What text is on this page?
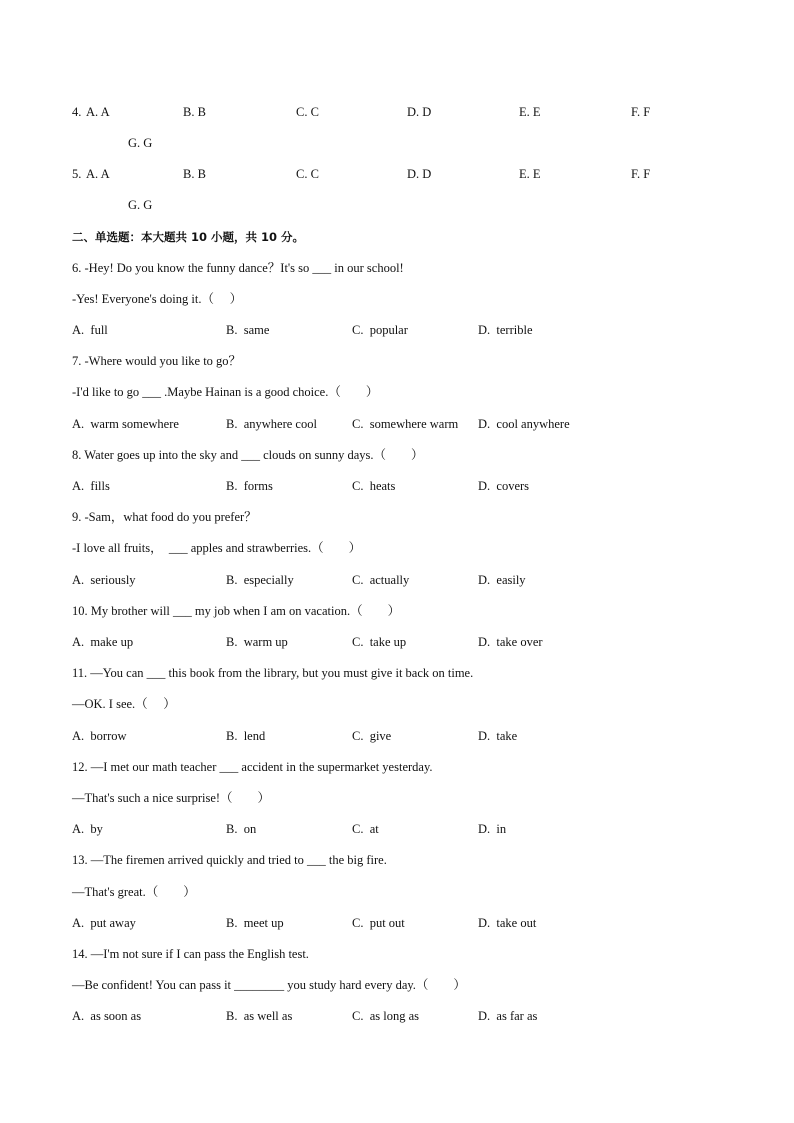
4. A. A	B. B	C. C	D. D	E. E	F. F
G. G
5. A. A	B. B	C. C	D. D	E. E	F. F
G. G
二、单选题：本大题共 10 小题，共 10 分。
6. -Hey! Do you know the funny dance？It's so ___ in our school!
-Yes! Everyone's doing it.（     ）
A.  full	B.  same	C.  popular	D.  terrible
7. -Where would you like to go？
-I'd like to go ___ .Maybe Hainan is a good choice.（        ）
A.  warm somewhere	B.  anywhere cool	C.  somewhere warm D.  cool anywhere
8. Water goes up into the sky and ___ clouds on sunny days.（        ）
A.  fills	B.  forms	C.  heats	D.  covers
9. -Sam，what food do you prefer？
-I love all fruits，  ___ apples and strawberries.（        ）
A.  seriously	B.  especially	C.  actually	D.  easily
10. My brother will ___ my job when I am on vacation.（        ）
A.  make up	B.  warm up	C.  take up	D.  take over
11. —You can ___ this book from the library, but you must give it back on time.
—OK. I see.（     ）
A.  borrow	B.  lend	C.  give	D.  take
12. —I met our math teacher ___ accident in the supermarket yesterday.
—That's such a nice surprise!（        ）
A.  by	B.  on	C.  at	D.  in
13. —The firemen arrived quickly and tried to ___ the big fire.
—That's great.（        ）
A.  put away	B.  meet up	C.  put out	D.  take out
14. —I'm not sure if I can pass the English test.
—Be confident! You can pass it ________ you study hard every day.（        ）
A.  as soon as	B.  as well as	C.  as long as	D.  as far as
